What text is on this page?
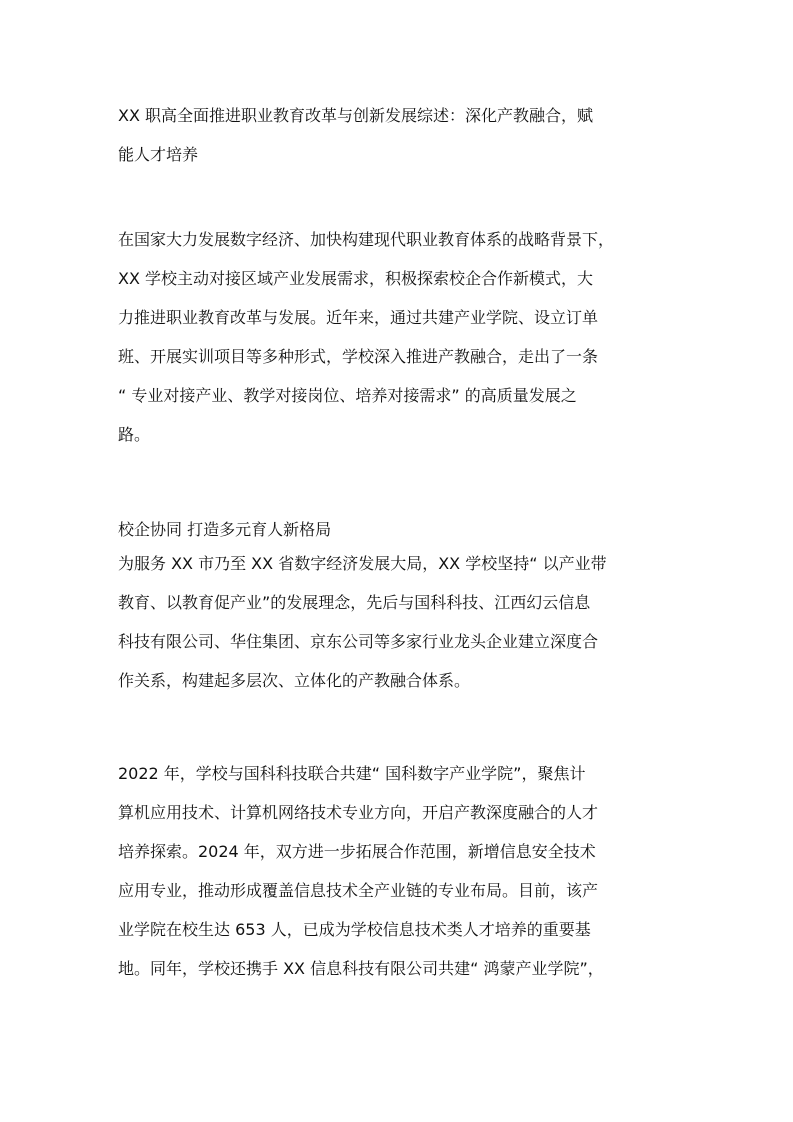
XX 职高全面推进职业教育改革与创新发展综述：深化产教融合，赋
能人才培养
在国家大力发展数字经济、加快构建现代职业教育体系的战略背景下，
XX 学校主动对接区域产业发展需求，积极探索校企合作新模式，大
力推进职业教育改革与发展。近年来，通过共建产业学院、设立订单
班、开展实训项目等多种形式，学校深入推进产教融合，走出了一条
“ 专业对接产业、教学对接岗位、培养对接需求” 的高质量发展之
路。
校企协同 打造多元育人新格局
为服务 XX 市乃至 XX 省数字经济发展大局，XX 学校坚持“ 以产业带
教育、以教育促产业”的发展理念，先后与国科科技、江西幻云信息
科技有限公司、华住集团、京东公司等多家行业龙头企业建立深度合
作关系，构建起多层次、立体化的产教融合体系。
2022 年，学校与国科科技联合共建“ 国科数字产业学院”，聚焦计
算机应用技术、计算机网络技术专业方向，开启产教深度融合的人才
培养探索。2024 年，双方进一步拓展合作范围，新增信息安全技术
应用专业，推动形成覆盖信息技术全产业链的专业布局。目前，该产
业学院在校生达 653 人，已成为学校信息技术类人才培养的重要基
地。同年，学校还携手 XX 信息科技有限公司共建“ 鸿蒙产业学院”，
